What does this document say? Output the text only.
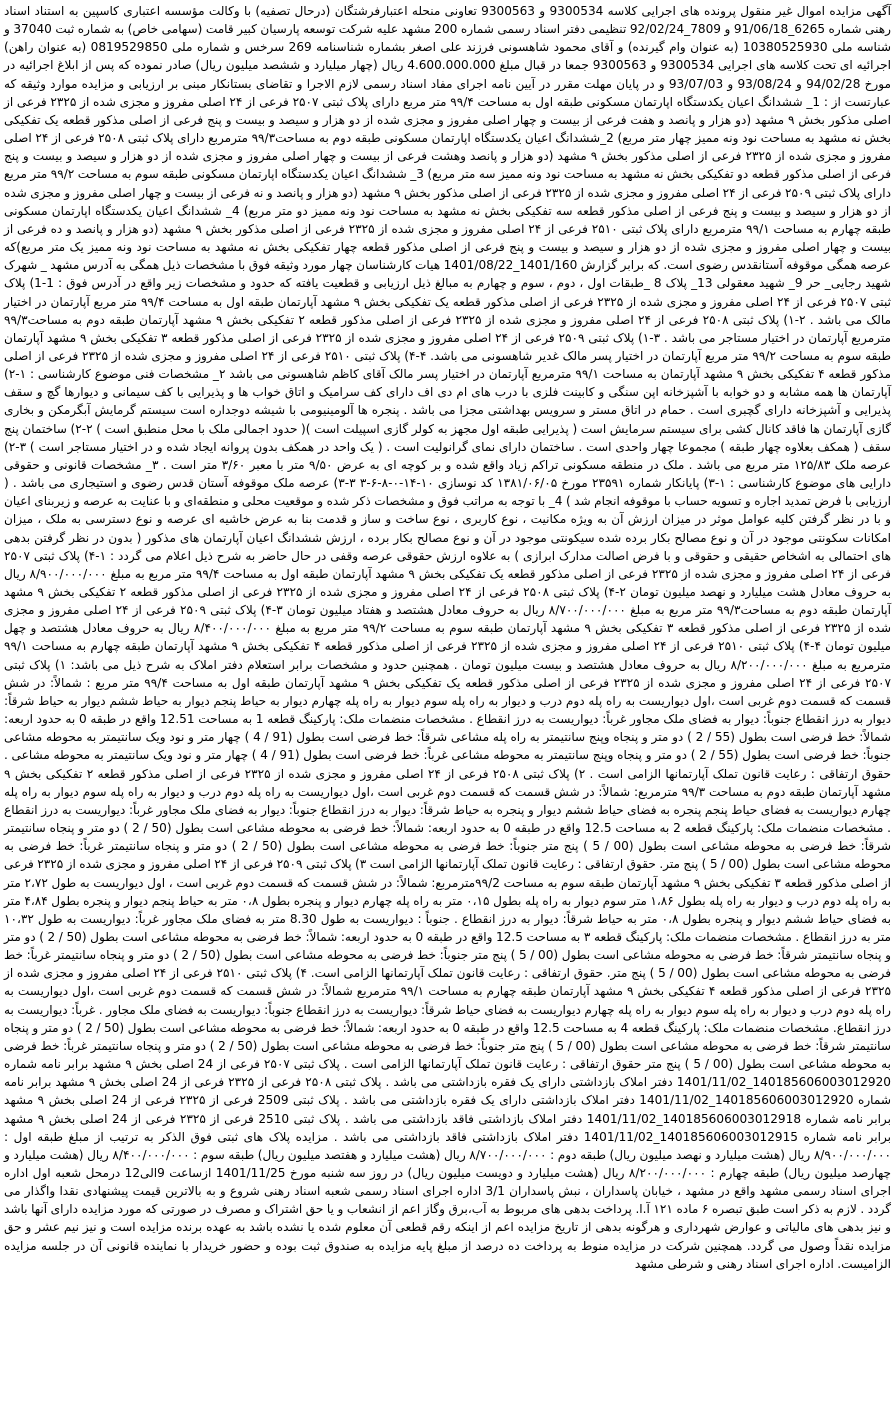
آگهی مزایده اموال غیر منقول پرونده های اجرایی کلاسه 9300534 و 9300563 تعاونی منحله اعتبارفرشتگان (درحال تصفیه) با وکالت مؤسسه اعتباری کاسپین به استناد اسناد رهنی شماره 6265_91/06/18 و 7809_92/02/24 تنظیمی دفتر اسناد رسمی شماره 200 مشهد علیه شرکت توسعه پارسیان کبیر قامت (سهامی خاص) به شماره ثبت 37040 و شناسه ملی 10380525930 (به عنوان وام گیرنده) و آقای محمود شاهسونی فرزند علی اصغر بشماره شناسنامه 269 سرخس و شماره ملی 0819529850 (به عنوان راهن) اجرائیه ای تحت کلاسه های اجرایی 9300534 و 9300563 جمعا در قبال مبلغ 4.600.000.000 ریال (چهار میلیارد و ششصد میلیون ریال) صادر نموده که پس از ابلاغ اجرائیه در مورخ 94/02/28 و 93/08/24 و 93/07/03 و در پایان مهلت مقرر در آیین نامه اجرای مفاد اسناد رسمی لازم الاجرا و تقاضای بستانکار مبنی بر ارزیابی و مزایده موارد وثیقه که عبارتست از : 1_ ششدانگ اعیان یکدستگاه اپارتمان مسکونی طبقه اول به مساحت ۹۹/۴ متر مربع دارای پلاک ثبتی ۲۵۰۷ فرعی از ۲۴ اصلی مفروز و مجزی شده از ۲۳۲۵ فرعی از اصلی مذکور بخش ۹ مشهد (دو هزار و پانصد و هفت فرعی از بیست و چهار اصلی مفروز و مجزی شده از دو هزار و سیصد و بیست و پنج فرعی از اصلی مذکور قطعه یک تفکیکی بخش نه مشهد به مساحت نود ونه ممیز چهار متر مربع) 2_ششدانگ اعیان یکدستگاه اپارتمان مسکونی طبقه دوم به مساحت۹۹/۳ مترمربع دارای پلاک ثبتی ۲۵۰۸ فرعی از ۲۴ اصلی مفروز و مجزی شده از ۲۳۲۵ فرعی از اصلی مذکور بخش ۹ مشهد (دو هزار و پانصد وهشت فرعی از بیست و چهار اصلی مفروز و مجزی شده از دو هزار و سیصد و بیست و پنج فرعی از اصلی مذکور قطعه دو تفکیکی بخش نه مشهد به مساحت نود ونه ممیز سه متر مربع) 3_ ششدانگ اعیان یکدستگاه اپارتمان مسکونی طبقه سوم به مساحت ۹۹/۲ متر مربع دارای پلاک ثبتی ۲۵۰۹ فرعی از ۲۴ اصلی مفروز و مجزی شده از ۲۳۲۵ فرعی از اصلی مذکور بخش ۹ مشهد (دو هزار و پانصد و نه فرعی از بیست و چهار اصلی مفروز و مجزی شده از دو هزار و سیصد و بیست و پنج فرعی از اصلی مذکور قطعه سه تفکیکی بخش نه مشهد به مساحت نود ونه ممیز دو متر مربع) 4_ ششدانگ اعیان یکدستگاه اپارتمان مسکونی طبقه چهارم به مساحت ۹۹/۱ مترمربع دارای پلاک ثبتی ۲۵۱۰ فرعی از ۲۴ اصلی مفروز و مجزی شده از ۲۳۲۵ فرعی از اصلی مذکور بخش ۹ مشهد (دو هزار و پانصد و ده فرعی از بیست و چهار اصلی مفروز و مجزی شده از دو هزار و سیصد و بیست و پنج فرعی از اصلی مذکور قطعه چهار تفکیکی بخش نه مشهد به مساحت نود ونه ممیز یک متر مربع)که عرصه همگی موقوفه آستانقدس رضوی است. که برابر گزارش 1401/160_1401/08/22 هیات کارشناسان چهار مورد وثیقه فوق با مشخصات ذیل همگی به آدرس مشهد _ شهرک شهید رجایی_ حر 9_ شهید معقولی 13_ پلاک 8 _طبقات اول ، دوم ، سوم و چهارم به مبالغ ذیل ارزیابی و قطعیت یافته که حدود و مشخصات زیر واقع در آدرس فوق : 1-1) پلاک ثبتی ۲۵۰۷ فرعی از ۲۴ اصلی مفروز و مجزی شده از ۲۳۲۵ فرعی از اصلی مذکور قطعه یک تفکیکی بخش ۹ مشهد آپارتمان طبقه اول به مساحت ۹۹/۴ متر مربع آپارتمان در اختیار مالک می باشد . ۲-۱) پلاک ثبتی ۲۵۰۸ فرعی از ۲۴ اصلی مفروز و مجزی شده از ۲۳۲۵ فرعی از اصلی مذکور قطعه ۲ تفکیکی بخش ۹ مشهد آپارتمان طبقه دوم به مساحت۹۹/۳ مترمربع آپارتمان در اختیار مستاجر می باشد . ۳-۱) پلاک ثبتی ۲۵۰۹ فرعی از ۲۴ اصلی مفروز و مجزی شده از ۲۳۲۵ فرعی از اصلی مذکور قطعه ۳ تفکیکی بخش ۹ مشهد آپارتمان طبقه سوم به مساحت ۹۹/۲ متر مربع آپارتمان در اختیار پسر مالک غدیر شاهسونی می باشد. ۴-۴) پلاک ثبتی ۲۵۱۰ فرعی از ۲۴ اصلی مفروز و مجزی شده از ۲۳۲۵ فرعی از اصلی مذکور قطعه ۴ تفکیکی بخش ۹ مشهد آپارتمان به مساحت ۹۹/۱ مترمربع آپارتمان در اختیار پسر مالک آقای کاظم شاهسونی می باشد ۲_ مشخصات فنی موضوع کارشناسی : ۱-۲) آپارتمان ها همه مشابه و دو خوابه با آشپزخانه اپن سنگی و کابینت فلزی با درب های ام دی اف دارای کف سرامیک و اتاق خواب ها و پذیرایی با کف سیمانی و دیوارها گچ و سقف پذیرایی و آشپزخانه دارای گچبری است . حمام در اتاق مستر و سرویس بهداشتی مجزا می باشد . پنجره ها آلومینیومی با شیشه دوجداره است سیستم گرمایش آبگرمکن و بخاری گازی آپارتمان ها فاقد کانال کشی برای سیستم سرمایش است ( پذیرایی طبقه اول مجهز به کولر گازی اسپیلت است )( حدود اجمالی ملک با محل منطبق است ) ۲-۲) ساختمان پنج سقف ( همکف بعلاوه چهار طبقه ) مجموعا چهار واحدی است . ساختمان دارای نمای گرانولیت است . ( یک واحد در همکف بدون پروانه ایجاد شده و در اختیار مستاجر است ) ۳-۲) عرصه ملک ۱۲۵/۸۳ متر مربع می باشد . ملک در منطقه مسکونی تراکم زیاد واقع شده و بر کوچه ای به عرض ۹/۵۰ متر با معبر ۳/۶۰ متر است . ۳_ مشخصات قانونی و حقوقی دارایی های موضوع کارشناسی : ۱-۳) پایانکار شماره ۲۳۵۹۱ مورخ ۱۳۸۱/۰۶/۰۵ کد نوسازی ۱۰-۱۴-۰-۸-۶-۳ ۳-۳) عرصه ملک موقوفه آستان قدس رضوی و استیجاری می باشد . ( ارزیابی با فرض تمدید اجاره و تسویه حساب با موقوفه انجام شد ) 4_ با توجه به مراتب فوق و مشخصات ذکر شده و موقعیت محلی و منطقه‌ای و با عنایت به عرصه و زیربنای اعیان و با در نظر گرفتن کلیه عوامل موثر در میزان ارزش آن به ویژه مکانیت ، نوع کاربری ، نوع ساخت و ساز و قدمت بنا به عرض خاشیه ای عرصه و نوع دسترسی به ملک ، میزان امکانات سکونتی موجود در آن و نوع مصالح بکار برده شده سیکونتی موجود در آن و نوع مصالح بکار برده ، ارزش ششدانگ اعیان آپارتمان های مذکور ( بدون در نظر گرفتن بدهی های احتمالی به اشخاص حقیقی و حقوقی و با فرض اصالت مدارک ابرازی ) به علاوه ارزش حقوقی عرصه وقفی در حال حاضر به شرح ذیل اعلام می گردد : ۱-۴) پلاک ثبتی ۲۵۰۷ فرعی از ۲۴ اصلی مفروز و مجزی شده از ۲۳۲۵ فرعی از اصلی مذکور قطعه یک تفکیکی بخش ۹ مشهد آپارتمان طبقه اول به مساحت ۹۹/۴ متر مربع به مبلغ ۸/۹۰۰/۰۰۰/۰۰۰ ریال به حروف معادل هشت میلیارد و نهصد میلیون تومان ۲-۴) پلاک ثبتی ۲۵۰۸ فرعی از ۲۴ اصلی مفروز و مجزی شده از ۲۳۲۵ فرعی از اصلی مذکور قطعه ۲ تفکیکی بخش ۹ مشهد آپارتمان طبقه دوم به مساحت۹۹/۳ متر مربع به مبلغ ۸/۷۰۰/۰۰۰/۰۰۰ ریال به حروف معادل هشتصد و هفتاد میلیون تومان ۳-۴) پلاک ثبتی ۲۵۰۹ فرعی از ۲۴ اصلی مفروز و مجزی شده از ۲۳۲۵ فرعی از اصلی مذکور قطعه ۳ تفکیکی بخش ۹ مشهد آپارتمان طبقه سوم به مساحت ۹۹/۲ متر مربع به مبلغ ۸/۴۰۰/۰۰۰/۰۰۰ ریال به حروف معادل هشتصد و چهل میلیون تومان ۴-۴) پلاک ثبتی ۲۵۱۰ فرعی از ۲۴ اصلی مفروز و مجزی شده از ۲۳۲۵ فرعی از اصلی مذکور قطعه ۴ تفکیکی بخش ۹ مشهد آپارتمان طبقه چهارم به مساحت ۹۹/۱ مترمربع به مبلغ ۸/۲۰۰/۰۰۰/۰۰۰ ریال به حروف معادل هشتصد و بیست میلیون تومان . همچنین حدود و مشخصات برابر استعلام دفتر املاک به شرح ذیل می باشد: ۱) پلاک ثبتی ۲۵۰۷ فرعی از ۲۴ اصلی مفروز و مجزی شده از ۲۳۲۵ فرعی از اصلی مذکور قطعه یک تفکیکی بخش ۹ مشهد آپارتمان طبقه اول به مساحت ۹۹/۴ متر مربع : شمالاً: در شش قسمت که قسمت دوم غربی است ،اول دیواریست به راه پله دوم درب و دیوار به راه پله سوم دیوار به راه پله چهارم دیوار به حیاط پنجم دیوار به حیاط ششم دیوار به حیاط شرقاً: دیوار به درز انقطاع جنوباً: دیوار به فضای ملک مجاور غرباً: دیواریست به درز انقطاع . مشخصات منضمات ملک: پارکینگ قطعه 1 به مساحت 12.51 واقع در طبقه 0 به حدود اربعه: شمالاً: خط فرضی است بطول (55 / 2 ) دو متر و پنجاه وپنج سانتیمتر به راه پله مشاعی شرقاً: خط فرضی است بطول (91 / 4 ) چهار متر و نود ویک سانتیمتر به محوطه مشاعی جنوباً: خط فرضی است بطول (55 / 2 ) دو متر و پنجاه وپنج سانتیمتر به محوطه مشاعی غرباً: خط فرضی است بطول (91 / 4 ) چهار متر و نود ویک سانتیمتر به محوطه مشاعی . حقوق ارتفاقی : رعایت قانون تملک آپارتمانها الزامی است . ۲) پلاک ثبتی ۲۵۰۸ فرعی از ۲۴ اصلی مفروز و مجزی شده از ۲۳۲۵ فرعی از اصلی مذکور قطعه ۲ تفکیکی بخش ۹ مشهد آپارتمان طبقه دوم به مساحت ۹۹/۳ مترمربع: شمالاً: در شش قسمت که قسمت دوم غربی است ،اول دیواریست به راه پله دوم درب و دیوار به راه پله سوم دیوار به راه پله چهارم دیواریست به فضای حیاط پنجم پنجره به فضای حیاط ششم دیوار و پنجره به حیاط شرقاً: دیوار به درز انقطاع جنوباً: دیوار به فضای ملک مجاور غرباً: دیواریست به درز انقطاع . مشخصات منضمات ملک: پارکینگ قطعه 2 به مساحت 12.5 واقع در طبقه 0 به حدود اربعه: شمالاً: خط فرضی به محوطه مشاعی است بطول (50 / 2 ) دو متر و پنجاه سانتیمتر شرقاً: خط فرضی به محوطه مشاعی است بطول (00 / 5 ) پنج متر جنوباً: خط فرضی به محوطه مشاعی است بطول (50 / 2 ) دو متر و پنجاه سانتیمتر غرباً: خط فرضی به محوطه مشاعی است بطول (00 / 5 ) پنج متر. حقوق ارتفاقی : رعایت قانون تملک آپارتمانها الزامی است ۳) پلاک ثبتی ۲۵۰۹ فرعی از ۲۴ اصلی مفروز و مجزی شده از ۲۳۲۵ فرعی از اصلی مذکور قطعه ۳ تفکیکی بخش ۹ مشهد آپارتمان طبقه سوم به مساحت ۹۹/2مترمربع: شمالاً: در شش قسمت که قسمت دوم غربی است ، اول دیواریست به طول ۲،۷۲ متر به راه پله دوم درب و دیوار به راه پله بطول ۱،۸۶ متر سوم دیوار به راه پله بطول ۰،۱۵ متر به راه پله چهارم دیوار و پنجره بطول ۰،۸ متر به حیاط پنجم دیوار و پنجره بطول ۴،۸۴ متر به فضای حیاط ششم دیوار و پنجره بطول ۰،۸ متر به حیاط شرقاً: دیوار به درز انقطاع . جنوباً : دیواریست به طول 8.30 متر به فضای ملک مجاور غرباً: دیواریست به طول ۱۰،۳۲ متر به درز انقطاع . مشخصات منضمات ملک: پارکینگ قطعه ۳ به مساحت 12.5 واقع در طبقه 0 به حدود اربعه: شمالاً: خط فرضی به محوطه مشاعی است بطول (50 / 2 ) دو متر و پنجاه سانتیمتر شرقاً: خط فرضی به محوطه مشاعی است بطول (00 / 5 ) پنج متر جنوباً: خط فرضی به محوطه مشاعی است بطول (50 / 2 ) دو متر و پنجاه سانتیمتر غرباً: خط فرضی به محوطه مشاعی است بطول (00 / 5 ) پنج متر. حقوق ارتفاقی : رعایت قانون تملک آپارتمانها الزامی است. ۴) پلاک ثبتی ۲۵۱۰ فرعی از ۲۴ اصلی مفروز و مجزی شده از ۲۳۲۵ فرعی از اصلی مذکور قطعه ۴ تفکیکی بخش ۹ مشهد آپارتمان طبقه چهارم به مساحت ۹۹/۱ مترمربع شمالاً: در شش قسمت که قسمت دوم غربی است ،اول دیواریست به راه پله دوم درب و دیوار به راه پله سوم دیوار به راه پله چهارم دیواریست به فضای حیاط شرقاً: دیواریست به درز انقطاع جنوباً: دیواریست به فضای ملک مجاور . غرباً: دیواریست به درز انقطاع. مشخصات منضمات ملک: پارکینگ قطعه 4 به مساحت 12.5 واقع در طبقه 0 به حدود اربعه: شمالاً: خط فرضی به محوطه مشاعی است بطول (50 / 2 ) دو متر و پنجاه سانتیمتر شرقاً: خط فرضی به محوطه مشاعی است بطول (00 / 5 ) پنج متر جنوباً: خط فرضی به محوطه مشاعی است بطول (50 / 2 ) دو متر و پنجاه سانتیمتر غرباً: خط فرضی به محوطه مشاعی است بطول (00 / 5 ) پنج متر حقوق ارتفاقی : رعایت قانون تملک آپارتمانها الزامی است . پلاک ثبتی ۲۵۰۷ فرعی از 24 اصلی بخش ۹ مشهد برابر نامه شماره 140185606003012920_1401/11/02 دفتر املاک بازداشتی دارای یک فقره بازداشتی می باشد . پلاک ثبتی ۲۵۰۸ فرعی از ۲۳۲۵ فرعی از 24 اصلی بخش ۹ مشهد برابر نامه شماره 140185606003012920_1401/11/02 دفتر املاک بازداشتی دارای یک فقره بازداشتی می باشد . پلاک ثبتی 2509 فرعی از ۲۳۲۵ فرعی از 24 اصلی بخش ۹ مشهد برابر نامه شماره 140185606003012918_1401/11/02 دفتر املاک بازداشتی فاقد بازداشتی می باشد . پلاک ثبتی 2510 فرعی از ۲۳۲۵ فرعی از 24 اصلی بخش ۹ مشهد برابر نامه شماره 140185606003012915_1401/11/02 دفتر املاک بازداشتی فاقد بازداشتی می باشد . مزایده پلاک های ثبتی فوق الذکر به ترتیب از مبلغ طبقه اول : ۸/۹۰۰/۰۰۰/۰۰۰ ریال (هشت میلیارد و نهصد میلیون ریال) طبقه دوم : ۸/۷۰۰/۰۰۰/۰۰۰ ریال (هشت میلیارد و هفتصد میلیون ریال) طبقه سوم : ۸/۴۰۰/۰۰۰/۰۰۰ ریال (هشت میلیارد و چهارصد میلیون ریال) طبقه چهارم : ۸/۲۰۰/۰۰۰/۰۰۰ ریال (هشت میلیارد و دویست میلیون ریال) در روز سه شنبه مورخ 1401/11/25 ازساعت 9الی12 درمحل شعبه اول اداره اجرای اسناد رسمی مشهد واقع در مشهد ، خیابان پاسداران ، نبش پاسداران 3/1 اداره اجرای اسناد رسمی شعبه اسناد رهنی شروع و به بالاترین قیمت پیشنهادی نقدا واگذار می گردد . لازم به ذکر است طبق تبصره ۶ ماده ۱۲۱ آ.ا. پرداخت بدهی های مربوط به آب،برق وگاز اعم از انشعاب و یا حق اشتراک و مصرف در صورتی که مورد مزایده دارای آنها باشد و نیز بدهی های مالیاتی و عوارض شهرداری و هرگونه بدهی از تاریخ مزایده اعم از اینکه رقم قطعی آن معلوم شده یا نشده باشد به عهده برنده مزایده است و نیز نیم عشر و حق مزایده نقداً وصول می گردد. همچنین شرکت در مزایده منوط به پرداخت ده درصد از مبلغ پایه مزایده به صندوق ثبت بوده و حضور خریدار با نماینده قانونی آن در جلسه مزایده الزامیست. اداره اجرای اسناد رهنی و شرطی مشهد
